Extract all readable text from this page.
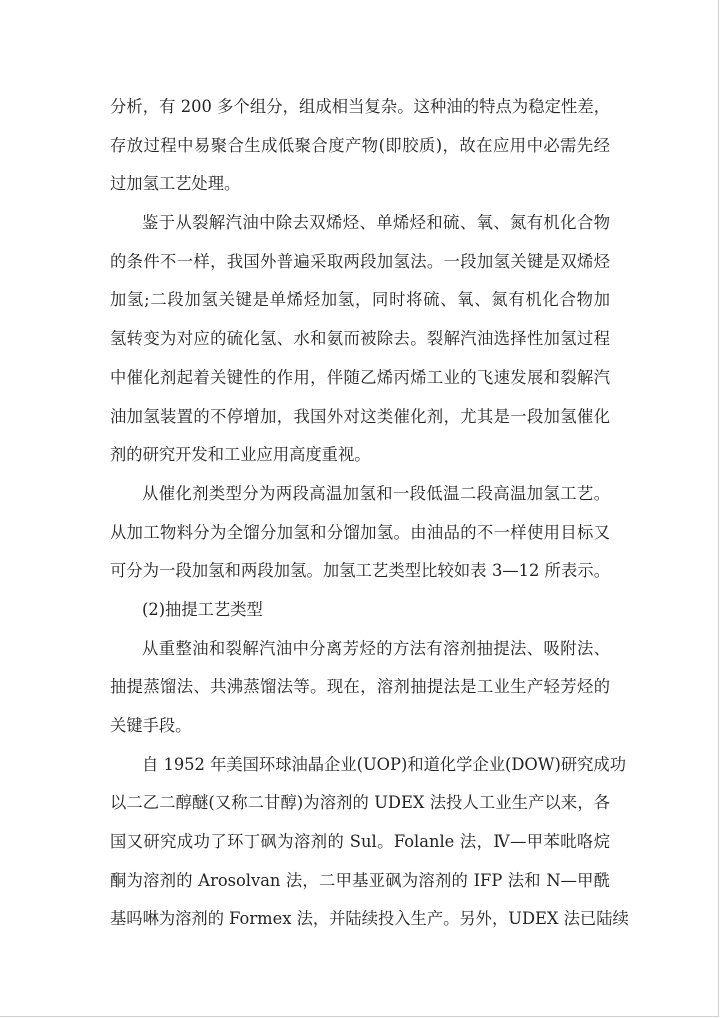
分析，有 200 多个组分，组成相当复杂。这种油的特点为稳定性差，
存放过程中易聚合生成低聚合度产物(即胶质)，故在应用中必需先经
过加氢工艺处理。
鉴于从裂解汽油中除去双烯烃、单烯烃和硫、氧、氮有机化合物
的条件不一样，我国外普遍采取两段加氢法。一段加氢关键是双烯烃
加氢;二段加氢关键是单烯烃加氢，同时将硫、氧、氮有机化合物加
氢转变为对应的硫化氢、水和氨而被除去。裂解汽油选择性加氢过程
中催化剂起着关键性的作用，伴随乙烯丙烯工业的飞速发展和裂解汽
油加氢装置的不停增加，我国外对这类催化剂，尤其是一段加氢催化
剂的研究开发和工业应用高度重视。
从催化剂类型分为两段高温加氢和一段低温二段高温加氢工艺。
从加工物料分为全馏分加氢和分馏加氢。由油品的不一样使用目标又
可分为一段加氢和两段加氢。加氢工艺类型比较如表 3—12 所表示。
(2)抽提工艺类型
从重整油和裂解汽油中分离芳烃的方法有溶剂抽提法、吸附法、
抽提蒸馏法、共沸蒸馏法等。现在，溶剂抽提法是工业生产轻芳烃的
关键手段。
自 1952 年美国环球油晶企业(UOP)和道化学企业(DOW)研究成功
以二乙二醇醚(又称二甘醇)为溶剂的 UDEX 法投人工业生产以来，各
国又研究成功了环丁砜为溶剂的 Sul。Folanle 法，Ⅳ—甲苯吡咯烷
酮为溶剂的 Arosolvan 法，二甲基亚砜为溶剂的 IFP 法和 N—甲酰
基吗啉为溶剂的 Formex 法，并陆续投入生产。另外，UDEX 法已陆续
